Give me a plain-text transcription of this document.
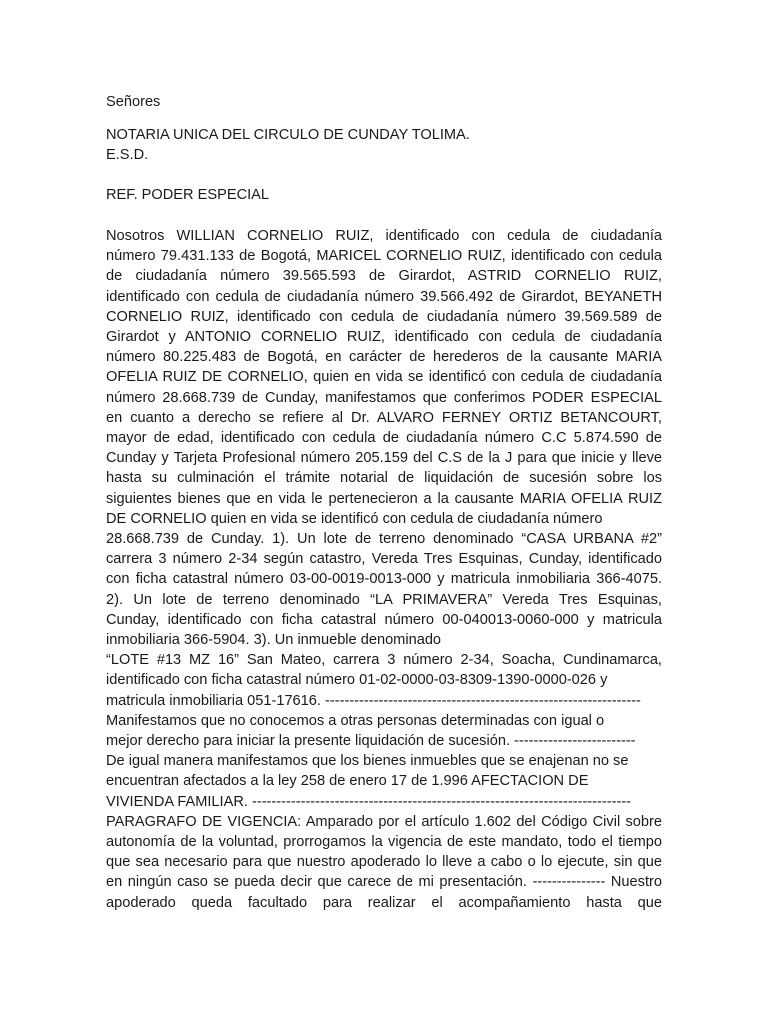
Señores
NOTARIA UNICA DEL CIRCULO DE CUNDAY TOLIMA.
E.S.D.
REF. PODER ESPECIAL
Nosotros WILLIAN CORNELIO RUIZ, identificado con cedula de ciudadanía
número 79.431.133 de Bogotá, MARICEL CORNELIO RUIZ, identificado con cedula
de ciudadanía número 39.565.593 de Girardot, ASTRID CORNELIO RUIZ,
identificado con cedula de ciudadanía número 39.566.492 de Girardot, BEYANETH
CORNELIO RUIZ, identificado con cedula de ciudadanía número 39.569.589 de
Girardot y ANTONIO CORNELIO RUIZ, identificado con cedula de ciudadanía
número 80.225.483 de Bogotá, en carácter de herederos de la causante MARIA
OFELIA RUIZ DE CORNELIO, quien en vida se identificó con cedula de ciudadanía
número 28.668.739 de Cunday, manifestamos que conferimos PODER ESPECIAL
en cuanto a derecho se refiere al Dr. ALVARO FERNEY ORTIZ BETANCOURT,
mayor de edad, identificado con cedula de ciudadanía número C.C 5.874.590 de
Cunday y Tarjeta Profesional número 205.159 del C.S de la J para que inicie y lleve
hasta su culminación el trámite notarial de liquidación de sucesión sobre los
siguientes bienes que en vida le pertenecieron a la causante MARIA OFELIA RUIZ
DE CORNELIO quien en vida se identificó con cedula de ciudadanía número
28.668.739 de Cunday. 1). Un lote de terreno denominado “CASA URBANA #2”
carrera 3 número 2-34 según catastro, Vereda Tres Esquinas, Cunday, identificado
con ficha catastral número 03-00-0019-0013-000 y matricula inmobiliaria 366-4075.
2). Un lote de terreno denominado “LA PRIMAVERA” Vereda Tres Esquinas,
Cunday, identificado con ficha catastral número 00-040013-0060-000 y matricula
inmobiliaria 366-5904. 3). Un inmueble denominado
“LOTE #13 MZ 16” San Mateo, carrera 3 número 2-34, Soacha, Cundinamarca,
identificado con ficha catastral número 01-02-0000-03-8309-1390-0000-026 y
matricula inmobiliaria 051-17616. -----------------------------------------------------------------
Manifestamos que no conocemos a otras personas determinadas con igual o
mejor derecho para iniciar la presente liquidación de sucesión. -------------------------
De igual manera manifestamos que los bienes inmuebles que se enajenan no se
encuentran afectados a la ley 258 de enero 17 de 1.996 AFECTACION DE
VIVIENDA FAMILIAR. ------------------------------------------------------------------------------
PARAGRAFO DE VIGENCIA: Amparado por el artículo 1.602 del Código Civil sobre
autonomía de la voluntad, prorrogamos la vigencia de este mandato, todo el tiempo
que sea necesario para que nuestro apoderado lo lleve a cabo o lo ejecute, sin que
en ningún caso se pueda decir que carece de mi presentación. --------------- Nuestro
apoderado queda facultado para realizar el acompañamiento hasta que
